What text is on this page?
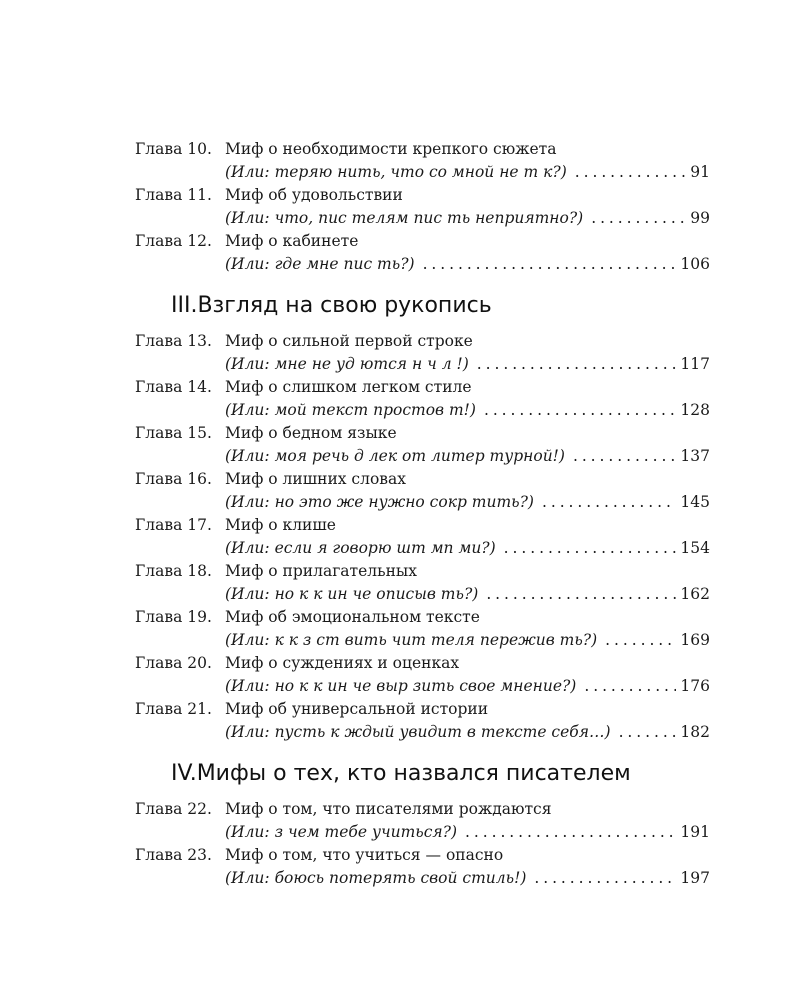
Глава 10. Миф о необходимости крепкого сюжета
(Или: теряю нить, что со мной не т к?) . . .	91
Глава 11. Миф об удовольствии
(Или: что, пис телям пис ть неприятно?) . . .	99
Глава 12. Миф о кабинете
(Или: где мне пис ть?) . . .	106
III.Взгляд на свою рукопись
Глава 13. Миф о сильной первой строке
(Или: мне не уд ются н ч л !) . . .	117
Глава 14. Миф о слишком легком стиле
(Или: мой текст простов т!) . . .	128
Глава 15. Миф о бедном языке
(Или: моя речь д лек от литер турной!) . . .	137
Глава 16. Миф о лишних словах
(Или: но это же нужно сокр тить?) . . .	145
Глава 17. Миф о клише
(Или: если я говорю шт мп ми?) . . .	154
Глава 18. Миф о прилагательных
(Или: но к к ин че описыв ть?) . . .	162
Глава 19. Миф об эмоциональном тексте
(Или: к к з ст вить чит теля пережив ть?) . . .	169
Глава 20. Миф о суждениях и оценках
(Или: но к к ин че выр зить свое мнение?) . . .	176
Глава 21. Миф об универсальной истории
(Или: пусть к ждый увидит в тексте себя…) . . .	182
IV.Мифы о тех, кто назвался писателем
Глава 22. Миф о том, что писателями рождаются
(Или: з чем тебе учиться?) . . .	191
Глава 23. Миф о том, что учиться — опасно
(Или: боюсь потерять свой стиль!) . . .	197
